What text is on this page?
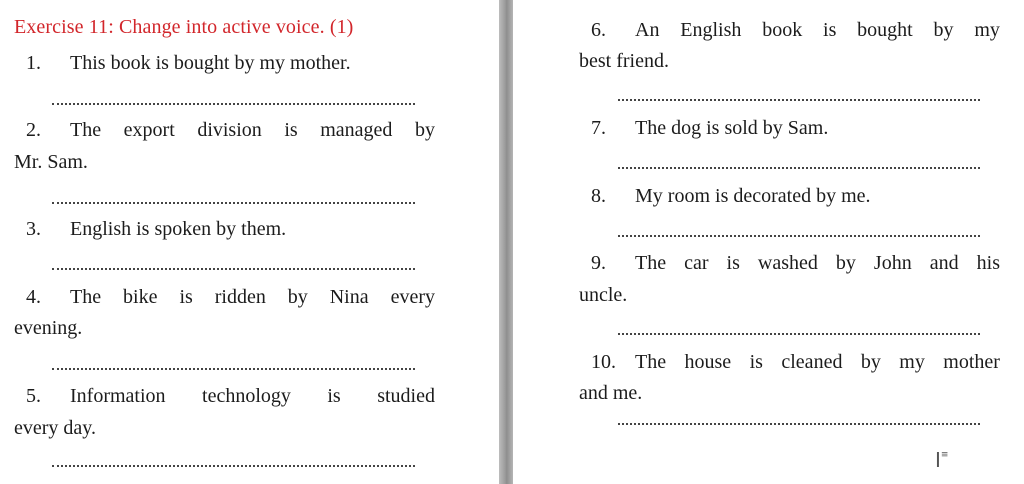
Exercise 11: Change into active voice. (1)
1. This book is bought by my mother.
2.	The export division is managed by
Mr. Sam.
3. English is spoken by them.
4.	The bike is ridden by Nina every
evening.
5.	Information technology is studied
every day.
6.	An English book is bought by my
best friend.
7. The dog is sold by Sam.
8. My room is decorated by me.
9.	The car is washed by John and his
uncle.
10. The house is cleaned by my mother
and me.
I≡
